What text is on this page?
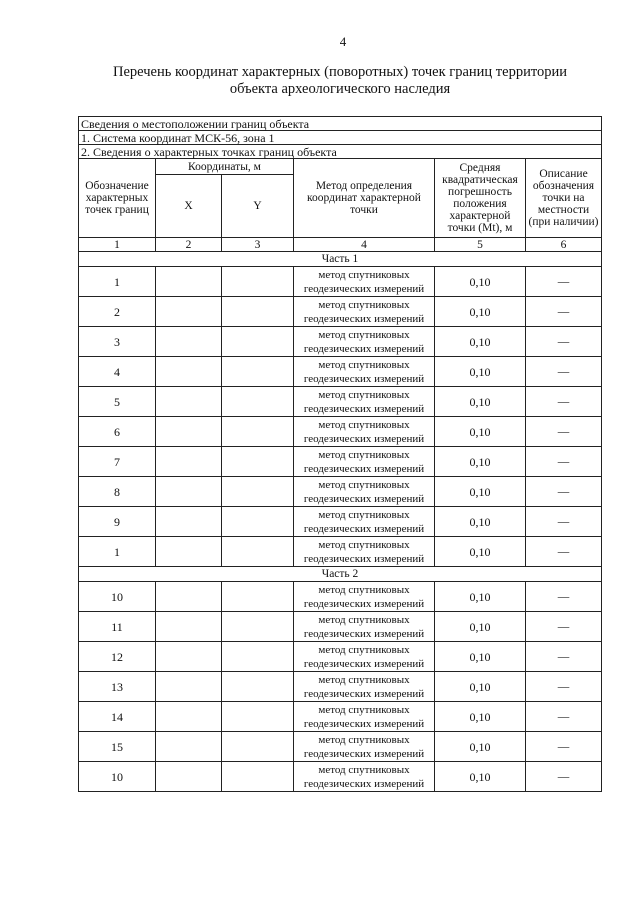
4
Перечень координат характерных (поворотных) точек границ территории
объекта археологического наследия
Сведения о местоположении границ объекта					
1. Система координат МСК-56, зона 1					
2. Сведения о характерных точках границ объекта					
Обозначение характерных точек границ	Координаты, м		Метод определения координат характерной точки	Средняя квадратическая погрешность положения характерной точки (Mt), м	Описание обозначения точки на местности (при наличии)
	X	Y			
1	2	3	4	5	6
Часть 1					
1			метод спутниковых геодезических измерений	0,10	—
2			метод спутниковых геодезических измерений	0,10	—
3			метод спутниковых геодезических измерений	0,10	—
4			метод спутниковых геодезических измерений	0,10	—
5			метод спутниковых геодезических измерений	0,10	—
6			метод спутниковых геодезических измерений	0,10	—
7			метод спутниковых геодезических измерений	0,10	—
8			метод спутниковых геодезических измерений	0,10	—
9			метод спутниковых геодезических измерений	0,10	—
1			метод спутниковых геодезических измерений	0,10	—
Часть 2					
10			метод спутниковых геодезических измерений	0,10	—
11			метод спутниковых геодезических измерений	0,10	—
12			метод спутниковых геодезических измерений	0,10	—
13			метод спутниковых геодезических измерений	0,10	—
14			метод спутниковых геодезических измерений	0,10	—
15			метод спутниковых геодезических измерений	0,10	—
10			метод спутниковых геодезических измерений	0,10	—
